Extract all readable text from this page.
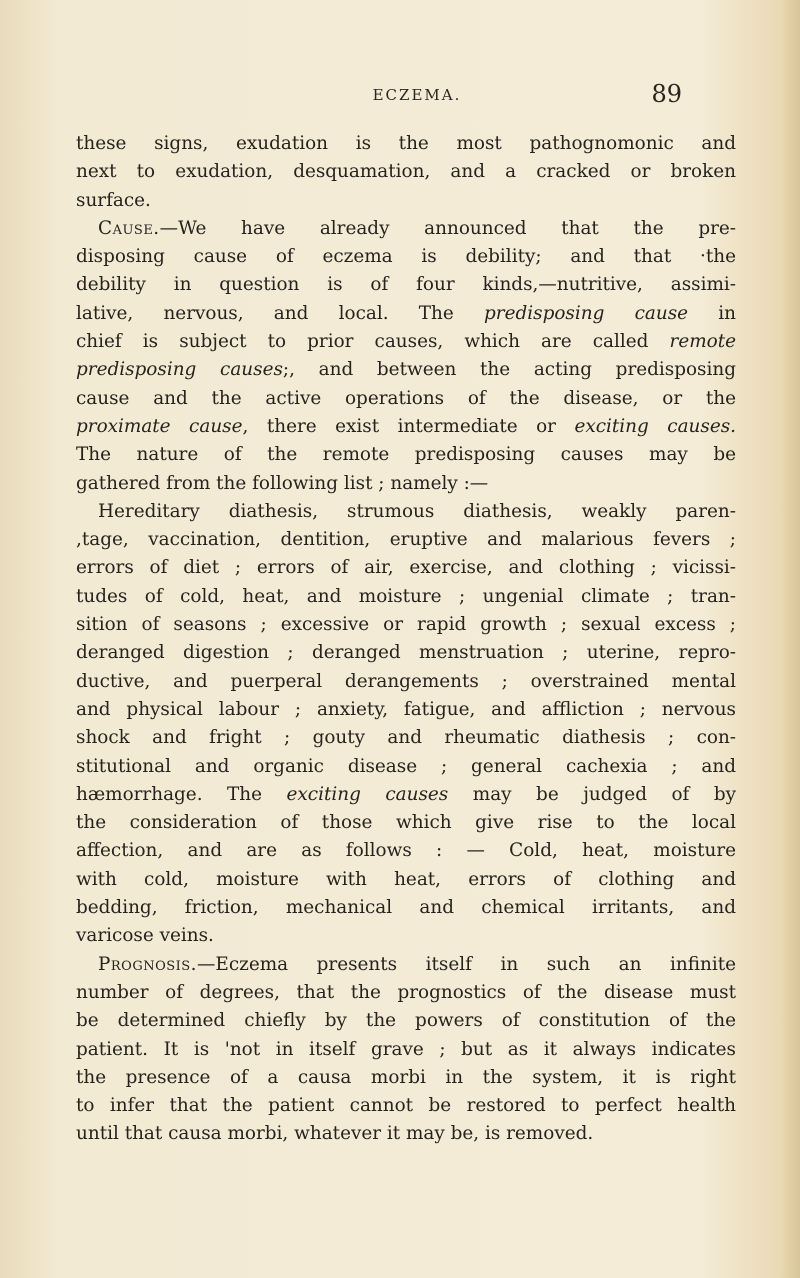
ECZEMA.	89
these signs, exudation is the most pathognomonic and
next to exudation, desquamation, and a cracked or broken
surface.
Cause.—We have already announced that the pre-
disposing cause of eczema is debility; and that ·the
debility in question is of four kinds,—nutritive, assimi-
lative, nervous, and local. The predisposing cause in
chief is subject to prior causes, which are called remote
predisposing causes;, and between the acting predisposing
cause and the active operations of the disease, or the
proximate cause, there exist intermediate or exciting causes.
The nature of the remote predisposing causes may be
gathered from the following list ; namely :—
Hereditary diathesis, strumous diathesis, weakly paren-
,tage, vaccination, dentition, eruptive and malarious fevers ;
errors of diet ; errors of air, exercise, and clothing ; vicissi-
tudes of cold, heat, and moisture ; ungenial climate ; tran-
sition of seasons ; excessive or rapid growth ; sexual excess ;
deranged digestion ; deranged menstruation ; uterine, repro-
ductive, and puerperal derangements ; overstrained mental
and physical labour ; anxiety, fatigue, and affliction ; nervous
shock and fright ; gouty and rheumatic diathesis ; con-
stitutional and organic disease ; general cachexia ; and
hæmorrhage. The exciting causes may be judged of by
the consideration of those which give rise to the local
affection, and are as follows : — Cold, heat, moisture
with cold, moisture with heat, errors of clothing and
bedding, friction, mechanical and chemical irritants, and
varicose veins.
Prognosis.—Eczema presents itself in such an infinite
number of degrees, that the prognostics of the disease must
be determined chiefly by the powers of constitution of the
patient. It is 'not in itself grave ; but as it always indicates
the presence of a causa morbi in the system, it is right
to infer that the patient cannot be restored to perfect health
until that causa morbi, whatever it may be, is removed.
